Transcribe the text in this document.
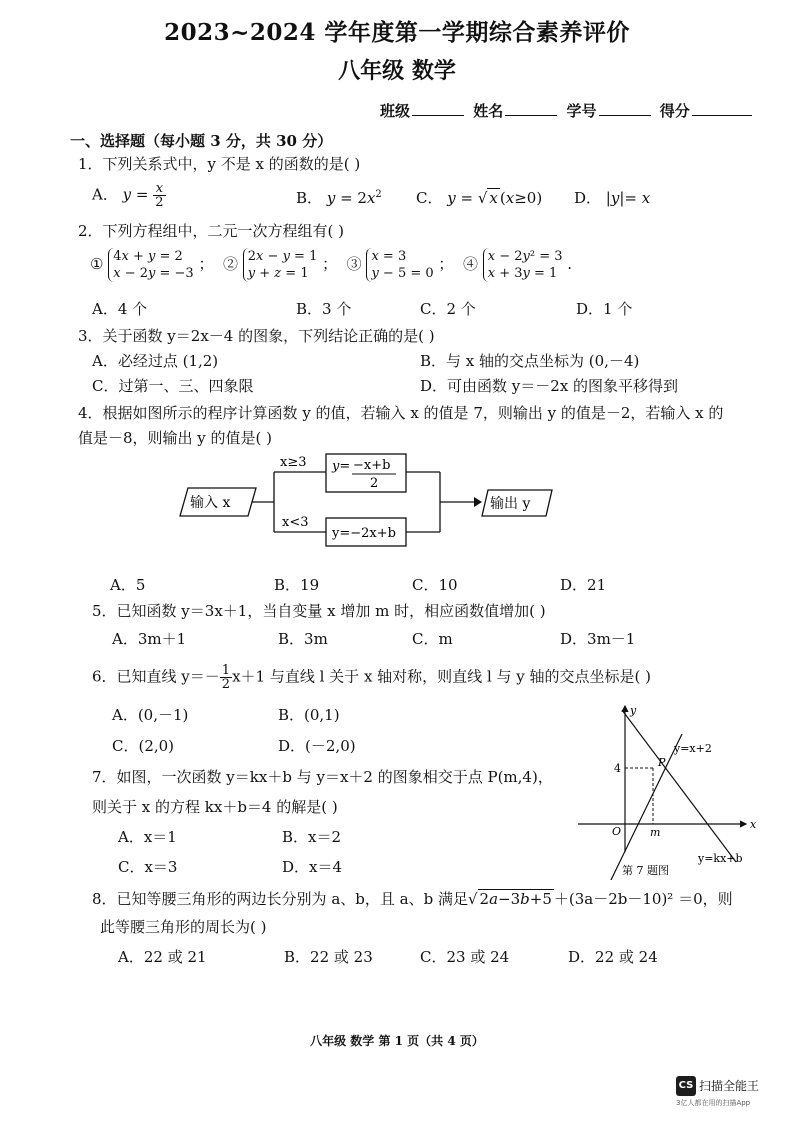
2023~2024 学年度第一学期综合素养评价
八年级 数学
班级	姓名	学号	得分
一、选择题（每小题 3 分，共 30 分）
1．下列关系式中，y 不是 x 的函数的是( )
A． $y = \frac{x}{2}$	B． $y = 2x^2$ C． y = √ x (x≥0) D． |y|= x
2．下列方程组中，二元一次方程组有( )
① 4x + y = 2
x − 2y = −3
；  ② 2x − y = 1
y + z = 1
；  ③ x = 3
y − 5 = 0
；  ④ x − 2y² = 3
x + 3y = 1
.
A．4 个	B．3 个	C．2 个	D．1 个
3．关于函数 y＝2x－4 的图象，下列结论正确的是( )
A．必经过点 (1,2)	B．与 x 轴的交点坐标为 (0,－4)
C．过第一、三、四象限	D．可由函数 y＝－2x 的图象平移得到
4．根据如图所示的程序计算函数 y 的值，若输入 x 的值是 7，则输出 y 的值是－2，若输入 x 的
值是－8，则输出 y 的值是( )
输入 x
x≥3
x<3
y= −x+b
2
y=−2x+b
输出 y
A．5	B．19	C．10	D．21
5．已知函数 y＝3x＋1，当自变量 x 增加 m 时，相应函数值增加( )
A．3m＋1	B．3m	C．m	D．3m－1
6．已知直线 $y=- \frac{1}{2} x+1$ 与直线 l 关于 x 轴对称，则直线 l 与 y 轴的交点坐标是( )
A．(0,－1)	B．(0,1)
C．(2,0)	D．(－2,0)
x
y
O
4
m
P
y=x+2
y=kx+b
第 7 题图
7．如图，一次函数 y＝kx＋b 与 y＝x＋2 的图象相交于点 P(m,4)，
则关于 x 的方程 kx＋b＝4 的解是( )
A．x＝1	B．x＝2
C．x＝3	D．x＝4
8．已知等腰三角形的两边长分别为 a、b，且 a、b 满足√ 2a−3b+5 ＋(3a－2b－10)² ＝0，则
此等腰三角形的周长为( )
A．22 或 21	B．22 或 23	C．23 或 24	D．22 或 24
八年级 数学 第 1 页（共 4 页）
CS 扫描全能王
3亿人都在用的扫描App
